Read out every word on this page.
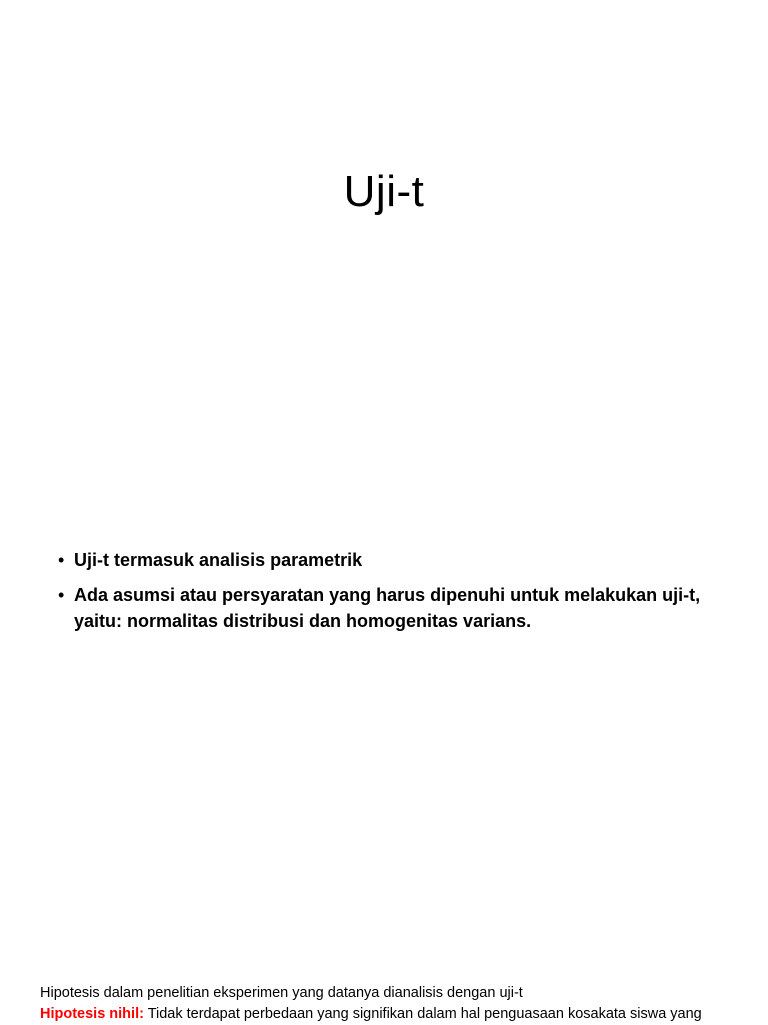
Uji-t
• Uji-t termasuk analisis parametrik
• Ada asumsi atau persyaratan yang harus dipenuhi untuk melakukan uji-t, yaitu: normalitas distribusi dan homogenitas varians.
Hipotesis dalam penelitian eksperimen yang datanya dianalisis dengan uji-t
Hipotesis nihil: Tidak terdapat perbedaan yang signifikan dalam hal penguasaan kosakata siswa yang
